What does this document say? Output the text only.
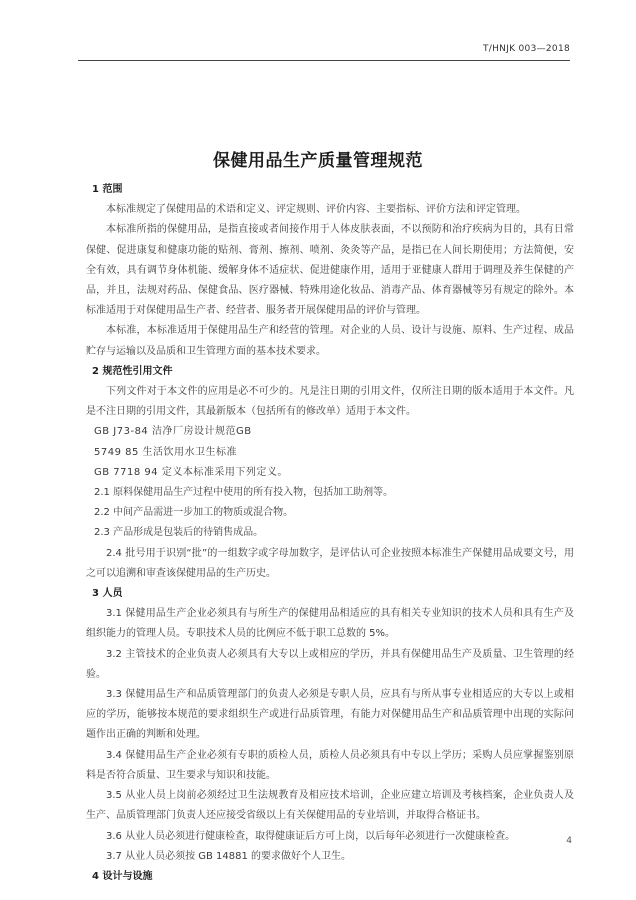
T/HNJK 003—2018
保健用品生产质量管理规范
1 范围
本标准规定了保健用品的术语和定义、评定规则、评价内容、主要指标、评价方法和评定管理。
本标准所指的保健用品，是指直接或者间接作用于人体皮肤表面，不以预防和治疗疾病为目的，具有日常保健、促进康复和健康功能的贴剂、膏剂、擦剂、喷剂、灸灸等产品，是指已在人间长期使用；方法简便，安全有效，具有调节身体机能、缓解身体不适症状、促进健康作用，适用于亚健康人群用于调理及养生保健的产品，并且，法规对药品、保健食品、医疗器械、特殊用途化妆品、消毒产品、体育器械等另有规定的除外。本标准适用于对保健用品生产者、经营者、服务者开展保健用品的评价与管理。
本标准，本标准适用于保健用品生产和经营的管理。对企业的人员、设计与设施、原料、生产过程、成品贮存与运输以及品质和卫生管理方面的基本技术要求。
2 规范性引用文件
下列文件对于本文件的应用是必不可少的。凡是注日期的引用文件，仅所注日期的版本适用于本文件。凡是不注日期的引用文件，其最新版本（包括所有的修改单）适用于本文件。
GB J73-84 洁净厂房设计规范GB
5749 85 生活饮用水卫生标准
GB 7718 94 定义本标准采用下列定义。
2.1 原料保健用品生产过程中使用的所有投入物，包括加工助剂等。
2.2 中间产品需进一步加工的物质或混合物。
2.3 产品形成是包装后的待销售成品。
2.4 批号用于识别“批”的一组数字或字母加数字，是评估认可企业按照本标准生产保健用品成要文号，用之可以追溯和审查该保健用品的生产历史。
3 人员
3.1 保健用品生产企业必须具有与所生产的保健用品相适应的具有相关专业知识的技术人员和具有生产及组织能力的管理人员。专职技术人员的比例应不低于职工总数的 5%。
3.2 主管技术的企业负责人必须具有大专以上或相应的学历，并具有保健用品生产及质量、卫生管理的经验。
3.3 保健用品生产和品质管理部门的负责人必须是专职人员，应具有与所从事专业相适应的大专以上或相应的学历，能够按本规范的要求组织生产或进行品质管理，有能力对保健用品生产和品质管理中出现的实际问题作出正确的判断和处理。
3.4 保健用品生产企业必须有专职的质检人员，质检人员必须具有中专以上学历；采购人员应掌握鉴别原料是否符合质量、卫生要求与知识和技能。
3.5 从业人员上岗前必须经过卫生法规教育及相应技术培训，企业应建立培训及考核档案，企业负责人及生产、品质管理部门负责人还应接受省级以上有关保健用品的专业培训，并取得合格证书。
3.6 从业人员必须进行健康检查，取得健康证后方可上岗，以后每年必须进行一次健康检查。
3.7 从业人员必须按 GB 14881 的要求做好个人卫生。
4 设计与设施
4
